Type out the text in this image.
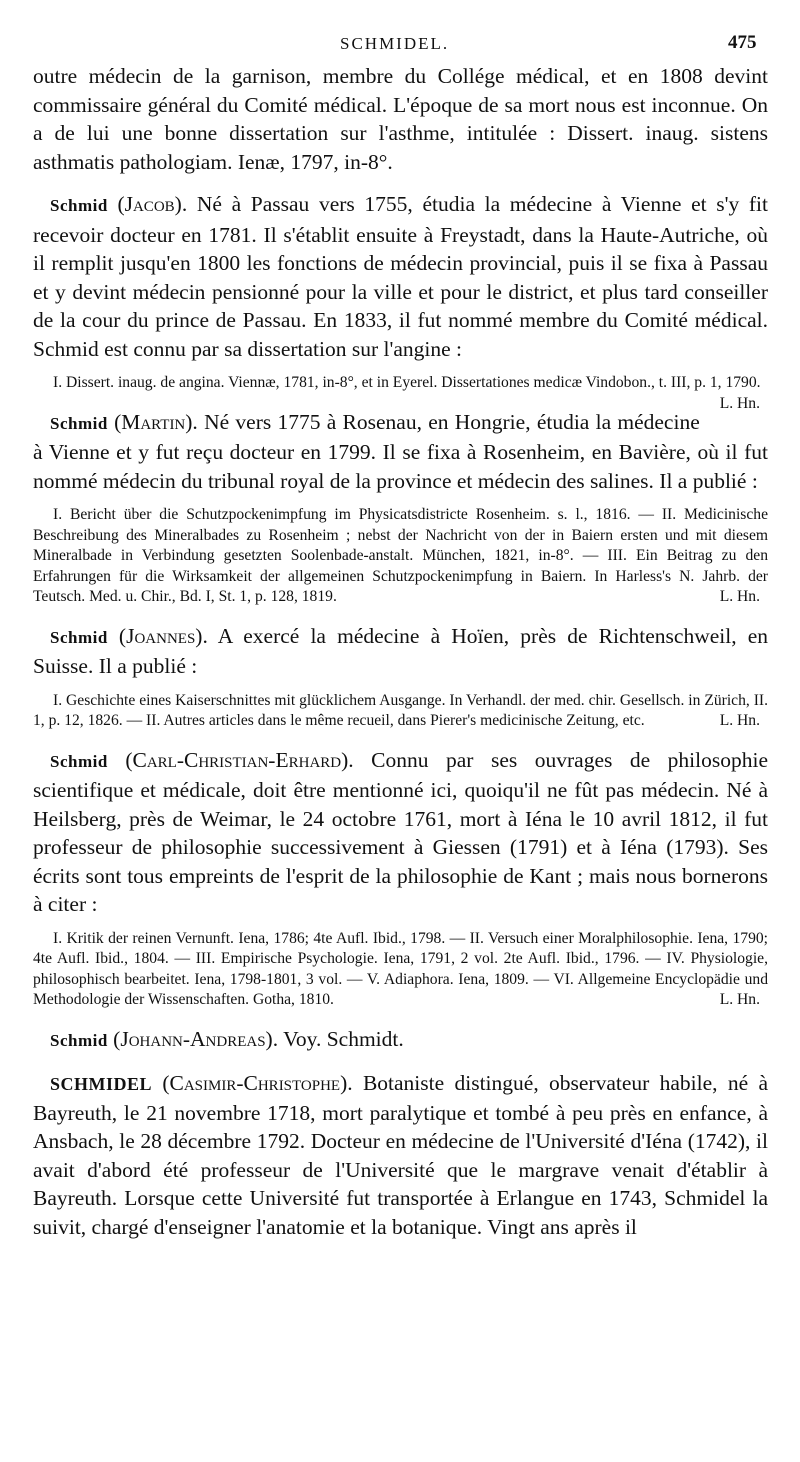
SCHMIDEL.	475

outre médecin de la garnison, membre du Collége médical, et en 1808 devint commissaire général du Comité médical. L'époque de sa mort nous est inconnue. On a de lui une bonne dissertation sur l'asthme, intitulée : Dissert. inaug. sistens asthmatis pathologiam. Ienæ, 1797, in-8°.

Schmid (Jacob). Né à Passau vers 1755, étudia la médecine à Vienne et s'y fit recevoir docteur en 1781. Il s'établit ensuite à Freystadt, dans la Haute-Autriche, où il remplit jusqu'en 1800 les fonctions de médecin provincial, puis il se fixa à Passau et y devint médecin pensionné pour la ville et pour le district, et plus tard conseiller de la cour du prince de Passau. En 1833, il fut nommé membre du Comité médical. Schmid est connu par sa dissertation sur l'angine :

I. Dissert. inaug. de angina. Viennæ, 1781, in-8°, et in Eyerel. Dissertationes medicæ Vindobon., t. III, p. 1, 1790.
L. Hn.

Schmid (Martin). Né vers 1775 à Rosenau, en Hongrie, étudia la médecine à Vienne et y fut reçu docteur en 1799. Il se fixa à Rosenheim, en Bavière, où il fut nommé médecin du tribunal royal de la province et médecin des salines. Il a publié :

I. Bericht über die Schutzpockenimpfung im Physicatsdistricte Rosenheim. s. l., 1816. — II. Medicinische Beschreibung des Mineralbades zu Rosenheim ; nebst der Nachricht von der in Baiern ersten und mit diesem Mineralbade in Verbindung gesetzten Soolenbade-anstalt. München, 1821, in-8°. — III. Ein Beitrag zu den Erfahrungen für die Wirksamkeit der allgemeinen Schutzpockenimpfung in Baiern. In Harless's N. Jahrb. der Teutsch. Med. u. Chir., Bd. I, St. 1, p. 128, 1819.	L. Hn.

Schmid (Joannes). A exercé la médecine à Hoïen, près de Richtenschweil, en Suisse. Il a publié :

I. Geschichte eines Kaiserschnittes mit glücklichem Ausgange. In Verhandl. der med. chir. Gesellsch. in Zürich, II. 1, p. 12, 1826. — II. Autres articles dans le même recueil, dans Pierer's medicinische Zeitung, etc.	L. Hn.

Schmid (Carl-Christian-Erhard). Connu par ses ouvrages de philosophie scientifique et médicale, doit être mentionné ici, quoiqu'il ne fût pas médecin. Né à Heilsberg, près de Weimar, le 24 octobre 1761, mort à Iéna le 10 avril 1812, il fut professeur de philosophie successivement à Giessen (1791) et à Iéna (1793). Ses écrits sont tous empreints de l'esprit de la philosophie de Kant ; mais nous bornerons à citer :

I. Kritik der reinen Vernunft. Iena, 1786; 4te Aufl. Ibid., 1798. — II. Versuch einer Moralphilosophie. Iena, 1790; 4te Aufl. Ibid., 1804. — III. Empirische Psychologie. Iena, 1791, 2 vol. 2te Aufl. Ibid., 1796. — IV. Physiologie, philosophisch bearbeitet. Iena, 1798-1801, 3 vol. — V. Adiaphora. Iena, 1809. — VI. Allgemeine Encyclopädie und Methodologie der Wissenschaften. Gotha, 1810.	L. Hn.

Schmid (Johann-Andreas). Voy. Schmidt.

SCHMIDEL (Casimir-Christophe). Botaniste distingué, observateur habile, né à Bayreuth, le 21 novembre 1718, mort paralytique et tombé à peu près en enfance, à Ansbach, le 28 décembre 1792. Docteur en médecine de l'Université d'Iéna (1742), il avait d'abord été professeur de l'Université que le margrave venait d'établir à Bayreuth. Lorsque cette Université fut transportée à Erlangue en 1743, Schmidel la suivit, chargé d'enseigner l'anatomie et la botanique. Vingt ans après il
